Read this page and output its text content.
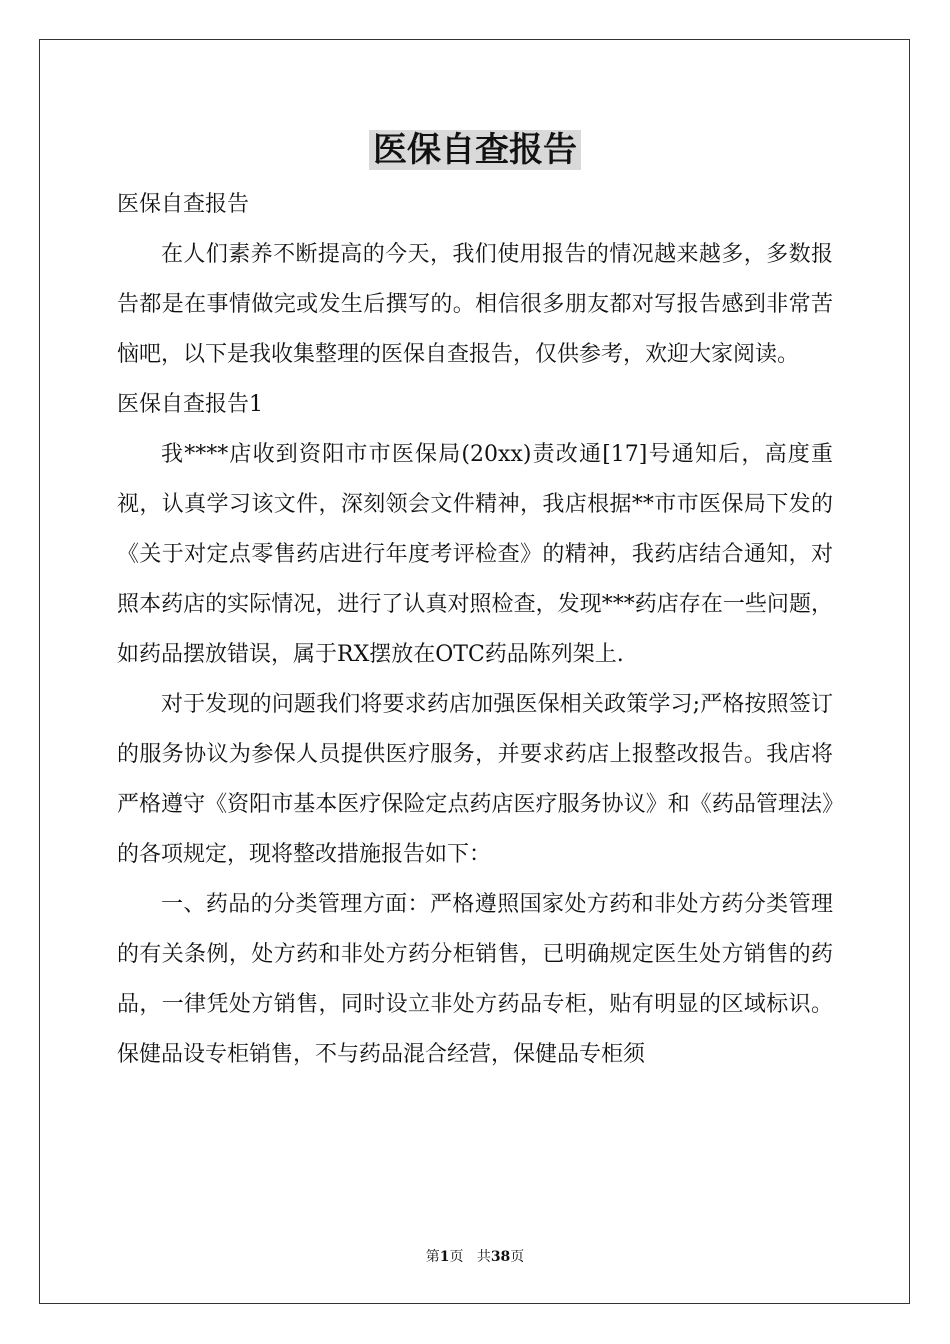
医保自查报告

医保自查报告

在人们素养不断提高的今天，我们使用报告的情况越来越多，多数报告都是在事情做完或发生后撰写的。相信很多朋友都对写报告感到非常苦恼吧，以下是我收集整理的医保自查报告，仅供参考，欢迎大家阅读。

医保自查报告1

我****店收到资阳市市医保局(20xx)责改通[17]号通知后，高度重视，认真学习该文件，深刻领会文件精神，我店根据**市市医保局下发的《关于对定点零售药店进行年度考评检查》的精神，我药店结合通知，对照本药店的实际情况，进行了认真对照检查，发现***药店存在一些问题，如药品摆放错误，属于RX摆放在OTC药品陈列架上.

对于发现的问题我们将要求药店加强医保相关政策学习;严格按照签订的服务协议为参保人员提供医疗服务，并要求药店上报整改报告。我店将严格遵守《资阳市基本医疗保险定点药店医疗服务协议》和《药品管理法》的各项规定，现将整改措施报告如下：

一、药品的分类管理方面：严格遵照国家处方药和非处方药分类管理的有关条例，处方药和非处方药分柜销售，已明确规定医生处方销售的药品，一律凭处方销售，同时设立非处方药品专柜，贴有明显的区域标识。保健品设专柜销售，不与药品混合经营，保健品专柜须

第1页 共38页
